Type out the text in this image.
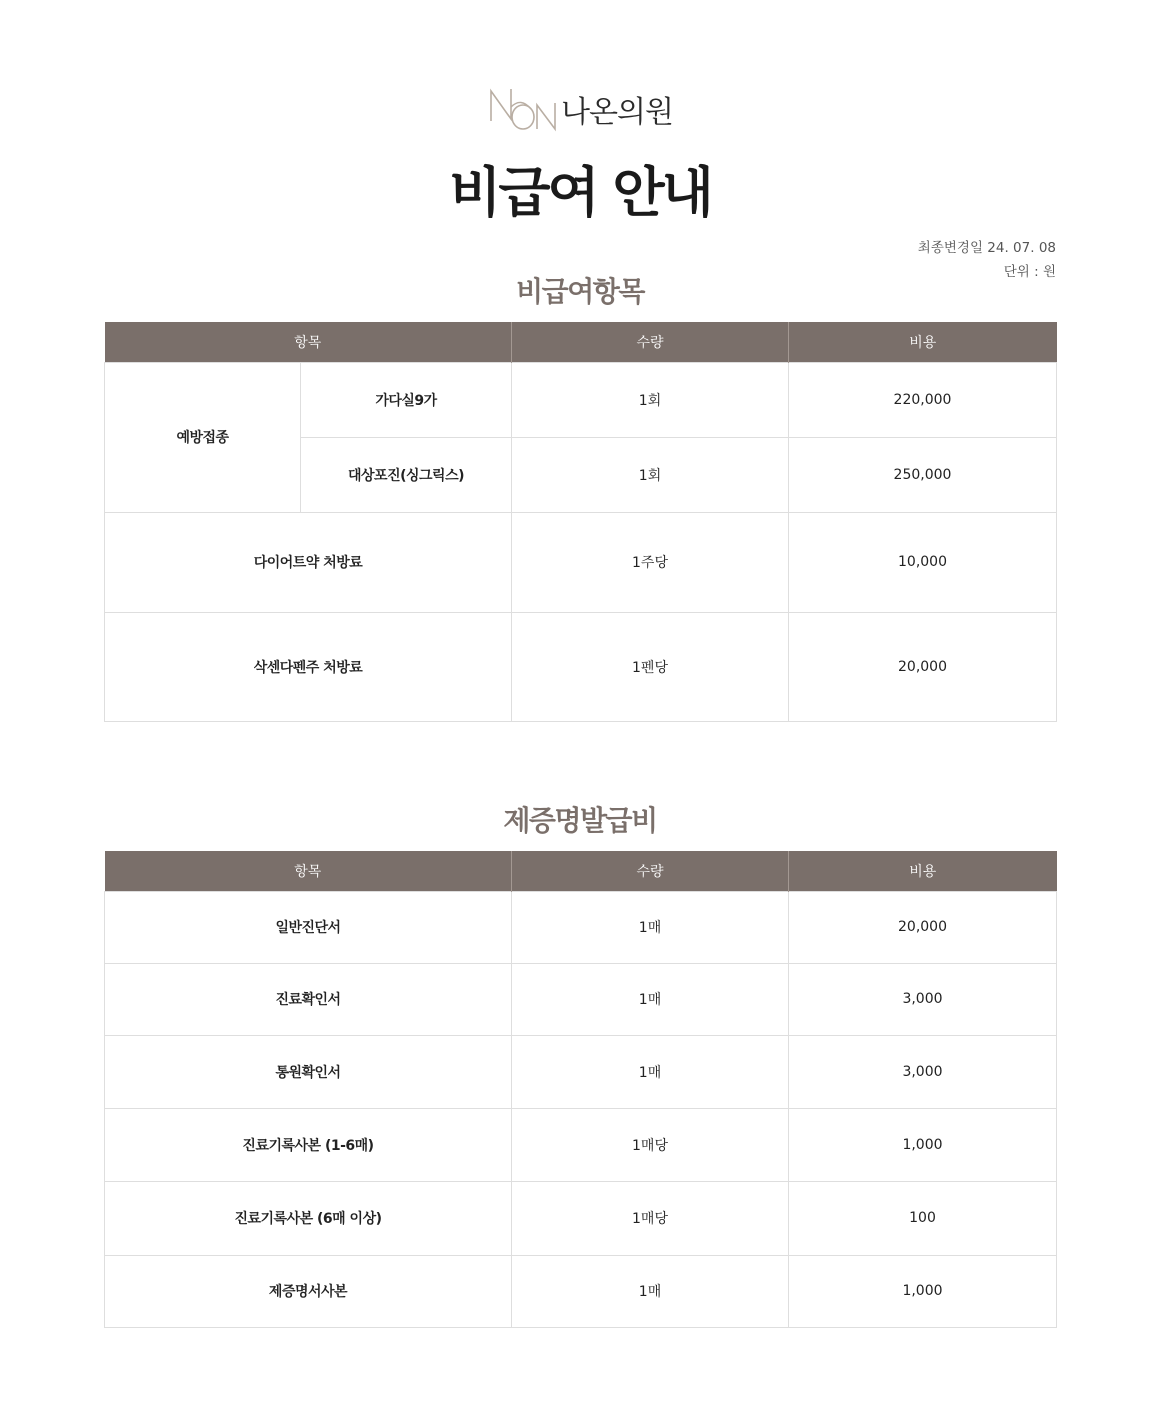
나온의원
비급여 안내
최종변경일 24. 07. 08
단위 : 원
비급여항목
항목		수량	비용
예방접종	가다실9가	1회	220,000
	대상포진(싱그릭스)	1회	250,000
다이어트약 처방료		1주당	10,000
삭센다펜주 처방료		1펜당	20,000
제증명발급비
항목	수량	비용
일반진단서	1매	20,000
진료확인서	1매	3,000
통원확인서	1매	3,000
진료기록사본 (1-6매)	1매당	1,000
진료기록사본 (6매 이상)	1매당	100
제증명서사본	1매	1,000
